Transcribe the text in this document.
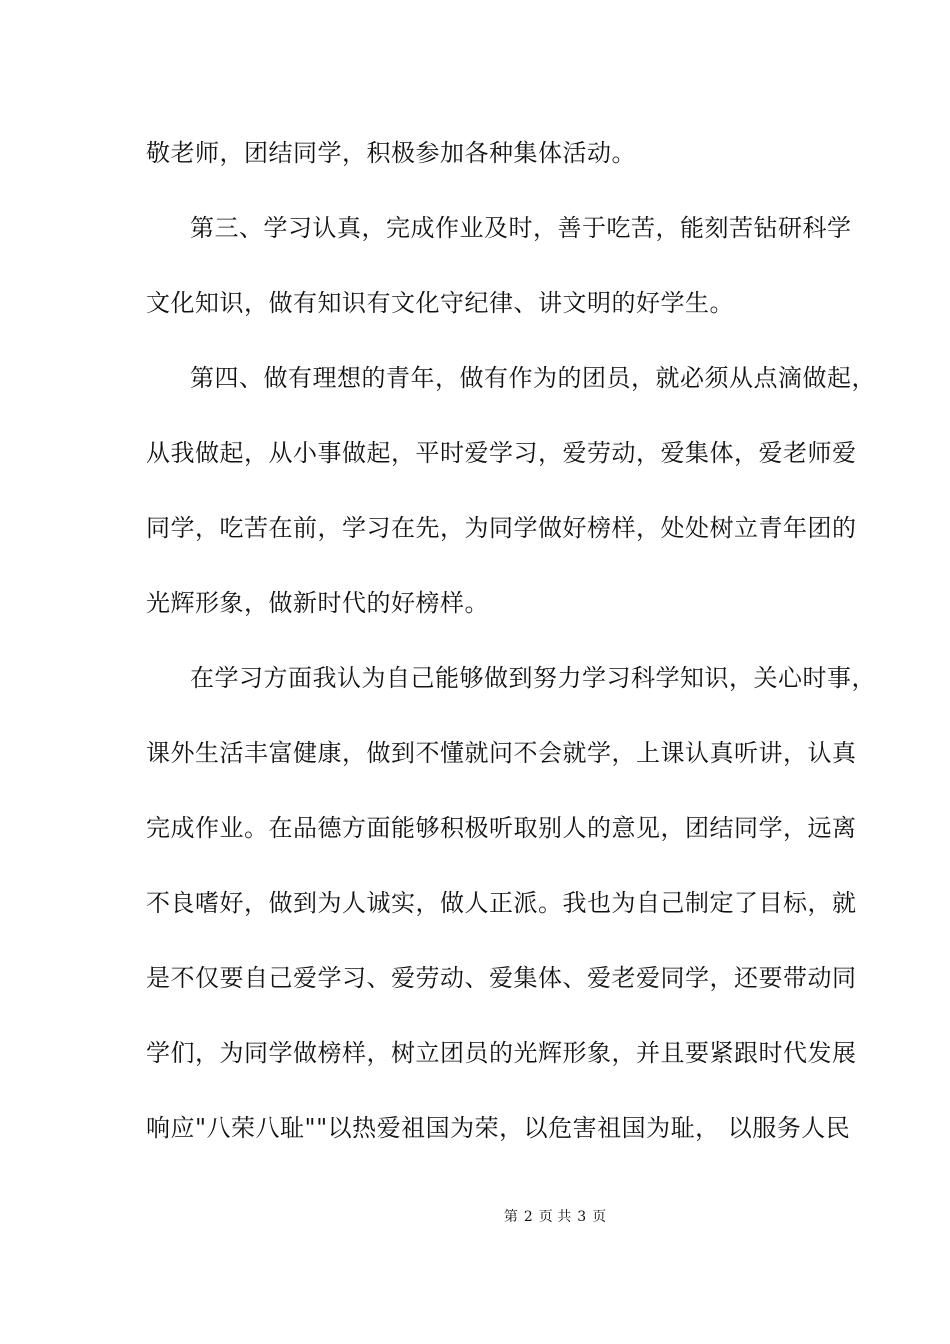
敬老师，团结同学，积极参加各种集体活动。
第三、学习认真，完成作业及时，善于吃苦，能刻苦钻研科学
文化知识，做有知识有文化守纪律、讲文明的好学生。
第四、做有理想的青年，做有作为的团员，就必须从点滴做起，
从我做起，从小事做起，平时爱学习，爱劳动，爱集体，爱老师爱
同学，吃苦在前，学习在先，为同学做好榜样，处处树立青年团的
光辉形象，做新时代的好榜样。
在学习方面我认为自己能够做到努力学习科学知识，关心时事，
课外生活丰富健康，做到不懂就问不会就学，上课认真听讲，认真
完成作业。在品德方面能够积极听取别人的意见，团结同学，远离
不良嗜好，做到为人诚实，做人正派。我也为自己制定了目标，就
是不仅要自己爱学习、爱劳动、爱集体、爱老爱同学，还要带动同
学们，为同学做榜样，树立团员的光辉形象，并且要紧跟时代发展
响应"八荣八耻""以热爱祖国为荣，以危害祖国为耻， 以服务人民
第 2 页 共 3 页
